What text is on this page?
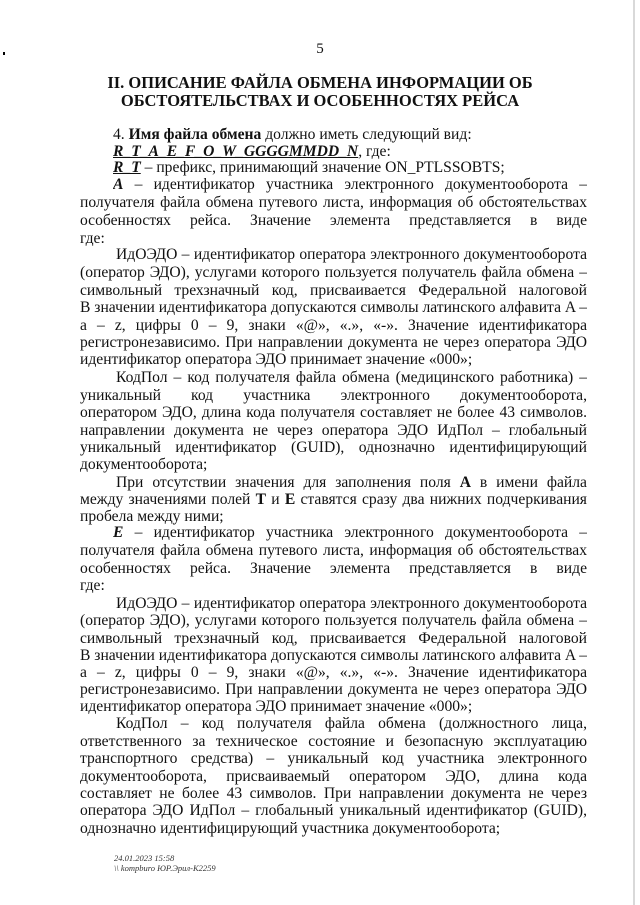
5
II. ОПИСАНИЕ ФАЙЛА ОБМЕНА ИНФОРМАЦИИ ОБ
ОБСТОЯТЕЛЬСТВАХ И ОСОБЕННОСТЯХ РЕЙСА
4. Имя файла обмена должно иметь следующий вид:
R_T_A_E_F_O_W_GGGGMMDD_N, где:
R_T – префикс, принимающий значение ON_PTLSSOBTS;
A – идентификатор участника электронного документооборота –
получателя файла обмена путевого листа, информация об обстоятельствах
особенностях рейса. Значение элемента представляется в виде
где:
ИдОЭДО – идентификатор оператора электронного документооборота
(оператор ЭДО), услугами которого пользуется получатель файла обмена –
символьный трехзначный код, присваивается Федеральной налоговой
В значении идентификатора допускаются символы латинского алфавита A –
a – z, цифры 0 – 9, знаки «@», «.», «-». Значение идентификатора
регистронезависимо. При направлении документа не через оператора ЭДО
идентификатор оператора ЭДО принимает значение «000»;
КодПол – код получателя файла обмена (медицинского работника) –
уникальный код участника электронного документооборота,
оператором ЭДО, длина кода получателя составляет не более 43 символов.
направлении документа не через оператора ЭДО ИдПол – глобальный
уникальный идентификатор (GUID), однозначно идентифицирующий
документооборота;
При отсутствии значения для заполнения поля А в имени файла
между значениями полей Т и Е ставятся сразу два нижних подчеркивания
пробела между ними;
E – идентификатор участника электронного документооборота –
получателя файла обмена путевого листа, информация об обстоятельствах
особенностях рейса. Значение элемента представляется в виде
где:
ИдОЭДО – идентификатор оператора электронного документооборота
(оператор ЭДО), услугами которого пользуется получатель файла обмена –
символьный трехзначный код, присваивается Федеральной налоговой
В значении идентификатора допускаются символы латинского алфавита A –
a – z, цифры 0 – 9, знаки «@», «.», «-». Значение идентификатора
регистронезависимо. При направлении документа не через оператора ЭДО
идентификатор оператора ЭДО принимает значение «000»;
КодПол – код получателя файла обмена (должностного лица,
ответственного за техническое состояние и безопасную эксплуатацию
транспортного средства) – уникальный код участника электронного
документооборота, присваиваемый оператором ЭДО, длина кода
составляет не более 43 символов. При направлении документа не через
оператора ЭДО ИдПол – глобальный уникальный идентификатор (GUID),
однозначно идентифицирующий участника документооборота;
24.01.2023 15:58
\\ kompburo ЮР.Эрил-К2259
